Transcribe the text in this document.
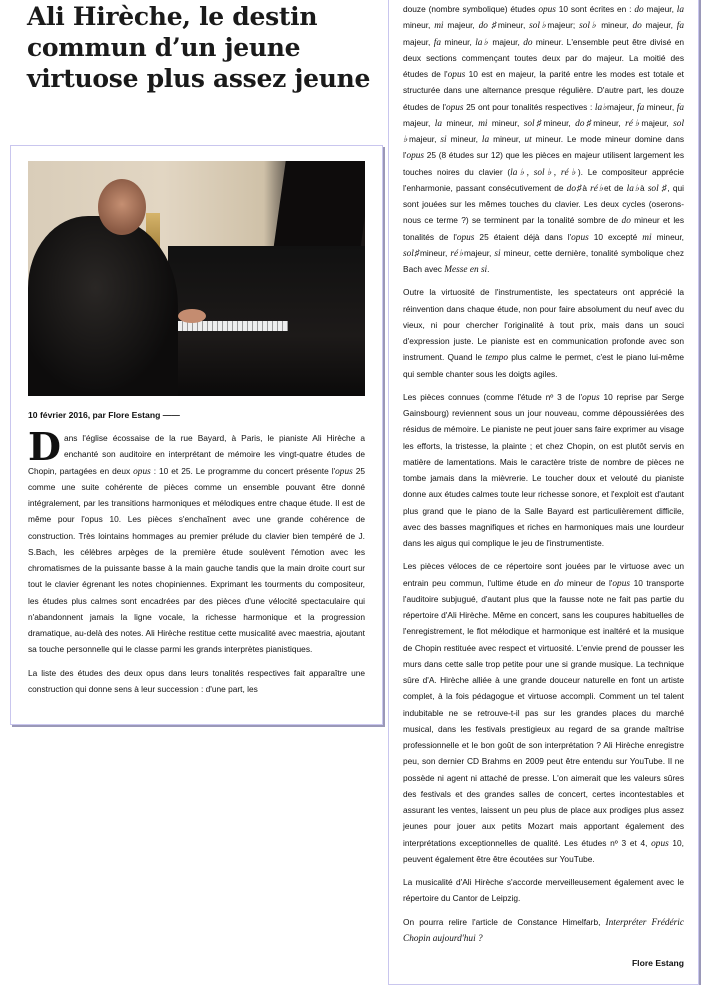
Ali Hirèche, le destin commun d’un jeune virtuose plus assez jeune

10 février 2016, par Flore Estang ——

Dans l'église écossaise de la rue Bayard, à Paris, le pianiste Ali Hirèche a enchanté son auditoire en interprétant de mémoire les vingt-quatre études de Chopin, partagées en deux opus : 10 et 25. Le programme du concert présente l'opus 25 comme une suite cohérente de pièces comme un ensemble pouvant être donné intégralement, par les transitions harmoniques et mélodiques entre chaque étude. Il est de même pour l'opus 10. Les pièces s'enchaînent avec une grande cohérence de construction. Très lointains hommages au premier prélude du clavier bien tempéré de J. S.Bach, les célèbres arpèges de la première étude soulèvent l'émotion avec les chromatismes de la puissante basse à la main gauche tandis que la main droite court sur tout le clavier égrenant les notes chopiniennes. Exprimant les tourments du compositeur, les études plus calmes sont encadrées par des pièces d'une vélocité spectaculaire qui n'abandonnent jamais la ligne vocale, la richesse harmonique et la progression dramatique, au-delà des notes. Ali Hirèche restitue cette musicalité avec maestria, ajoutant sa touche personnelle qui le classe parmi les grands interprètes pianistiques.
La liste des études des deux opus dans leurs tonalités respectives fait apparaître une construction qui donne sens à leur succession : d'une part, les
douze (nombre symbolique) études opus 10 sont écrites en : do majeur, la mineur, mi majeur, do ♯mineur, sol♭majeur; sol♭ mineur, do majeur, fa majeur, fa mineur, la♭ majeur, do mineur. L'ensemble peut être divisé en deux sections commençant toutes deux par do majeur. La moitié des études de l'opus 10 est en majeur, la parité entre les modes est totale et structurée dans une alternance presque régulière. D'autre part, les douze études de l'opus 25 ont pour tonalités respectives : la♭majeur, fa mineur, fa majeur, la mineur, mi mineur, sol♯mineur, do♯mineur, ré♭majeur, sol ♭majeur, si mineur, la mineur, ut mineur. Le mode mineur domine dans l'opus 25 (8 études sur 12) que les pièces en majeur utilisent largement les touches noires du clavier (la♭, sol♭, ré♭). Le compositeur apprécie l'enharmonie, passant consécutivement de do♯à ré♭et de la♭à sol ♯, qui sont jouées sur les mêmes touches du clavier. Les deux cycles (oserons-nous ce terme ?) se terminent par la tonalité sombre de do mineur et les tonalités de l'opus 25 étaient déjà dans l'opus 10 excepté mi mineur, sol♯mineur, ré♭majeur, si mineur, cette dernière, tonalité symbolique chez Bach avec Messe en si.
Outre la virtuosité de l'instrumentiste, les spectateurs ont apprécié la réinvention dans chaque étude, non pour faire absolument du neuf avec du vieux, ni pour chercher l'originalité à tout prix, mais dans un souci d'expression juste. Le pianiste est en communication profonde avec son instrument. Quand le tempo plus calme le permet, c'est le piano lui-même qui semble chanter sous les doigts agiles.
Les pièces connues (comme l'étude nº 3 de l'opus 10 reprise par Serge Gainsbourg) reviennent sous un jour nouveau, comme dépoussiérées des résidus de mémoire. Le pianiste ne peut jouer sans faire exprimer au visage les efforts, la tristesse, la plainte ; et chez Chopin, on est plutôt servis en matière de lamentations. Mais le caractère triste de nombre de pièces ne tombe jamais dans la mièvrerie. Le toucher doux et velouté du pianiste donne aux études calmes toute leur richesse sonore, et l'exploit est d'autant plus grand que le piano de la Salle Bayard est particulièrement difficile, avec des basses magnifiques et riches en harmoniques mais une lourdeur dans les aigus qui complique le jeu de l'instrumentiste.
Les pièces véloces de ce répertoire sont jouées par le virtuose avec un entrain peu commun, l'ultime étude en do mineur de l'opus 10 transporte l'auditoire subjugué, d'autant plus que la fausse note ne fait pas partie du répertoire d'Ali Hirèche. Même en concert, sans les coupures habituelles de l'enregistrement, le flot mélodique et harmonique est inaltéré et la musique de Chopin restituée avec respect et virtuosité. L'envie prend de pousser les murs dans cette salle trop petite pour une si grande musique. La technique sûre d'A. Hirèche alliée à une grande douceur naturelle en font un artiste complet, à la fois pédagogue et virtuose accompli. Comment un tel talent indubitable ne se retrouve-t-il pas sur les grandes places du marché musical, dans les festivals prestigieux au regard de sa grande maîtrise professionnelle et le bon goût de son interprétation ? Ali Hirèche enregistre peu, son dernier CD Brahms en 2009 peut être entendu sur YouTube. Il ne possède ni agent ni attaché de presse. L'on aimerait que les valeurs sûres des festivals et des grandes salles de concert, certes incontestables et assurant les ventes, laissent un peu plus de place aux prodiges plus assez jeunes pour jouer aux petits Mozart mais apportant également des interprétations exceptionnelles de qualité. Les études nº 3 et 4, opus 10, peuvent également être être écoutées sur YouTube.
La musicalité d'Ali Hirèche s'accorde merveilleusement également avec le répertoire du Cantor de Leipzig.
On pourra relire l'article de Constance Himelfarb, Interpréter Frédéric Chopin aujourd'hui ?
Flore Estang
